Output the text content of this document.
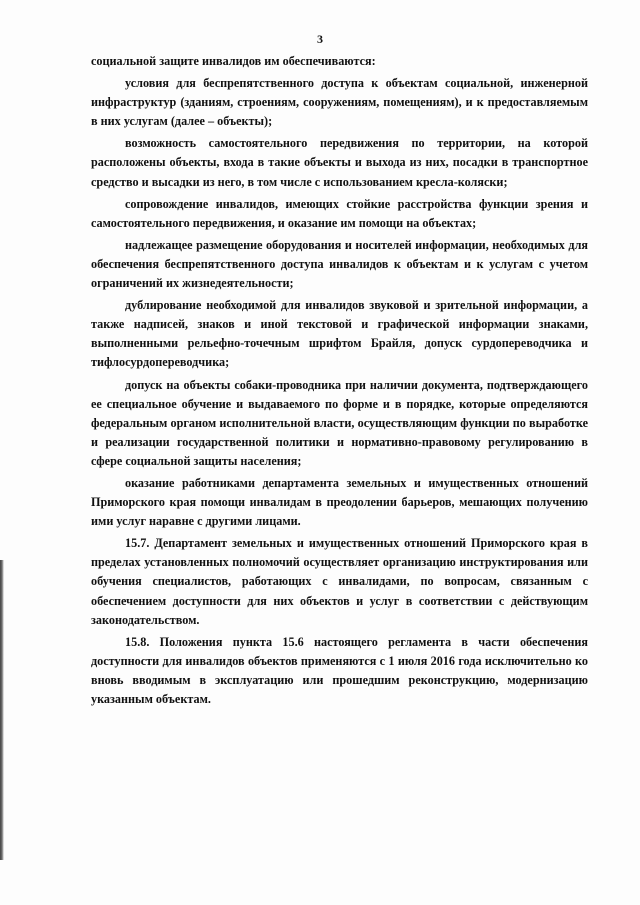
3

социальной защите инвалидов им обеспечиваются:

условия для беспрепятственного доступа к объектам социальной, инженерной инфраструктур (зданиям, строениям, сооружениям, помещениям), и к предоставляемым в них услугам (далее – объекты);

возможность самостоятельного передвижения по территории, на которой расположены объекты, входа в такие объекты и выхода из них, посадки в транспортное средство и высадки из него, в том числе с использованием кресла-коляски;

сопровождение инвалидов, имеющих стойкие расстройства функции зрения и самостоятельного передвижения, и оказание им помощи на объектах;

надлежащее размещение оборудования и носителей информации, необходимых для обеспечения беспрепятственного доступа инвалидов к объектам и к услугам с учетом ограничений их жизнедеятельности;

дублирование необходимой для инвалидов звуковой и зрительной информации, а также надписей, знаков и иной текстовой и графической информации знаками, выполненными рельефно-точечным шрифтом Брайля, допуск сурдопереводчика и тифлосурдопереводчика;

допуск на объекты собаки-проводника при наличии документа, подтверждающего ее специальное обучение и выдаваемого по форме и в порядке, которые определяются федеральным органом исполнительной власти, осуществляющим функции по выработке и реализации государственной политики и нормативно-правовому регулированию в сфере социальной защиты населения;

оказание работниками департамента земельных и имущественных отношений Приморского края помощи инвалидам в преодолении барьеров, мешающих получению ими услуг наравне с другими лицами.

15.7. Департамент земельных и имущественных отношений Приморского края в пределах установленных полномочий осуществляет организацию инструктирования или обучения специалистов, работающих с инвалидами, по вопросам, связанным с обеспечением доступности для них объектов и услуг в соответствии с действующим законодательством.

15.8. Положения пункта 15.6 настоящего регламента в части обеспечения доступности для инвалидов объектов применяются с 1 июля 2016 года исключительно ко вновь вводимым в эксплуатацию или прошедшим реконструкцию, модернизацию указанным объектам.
